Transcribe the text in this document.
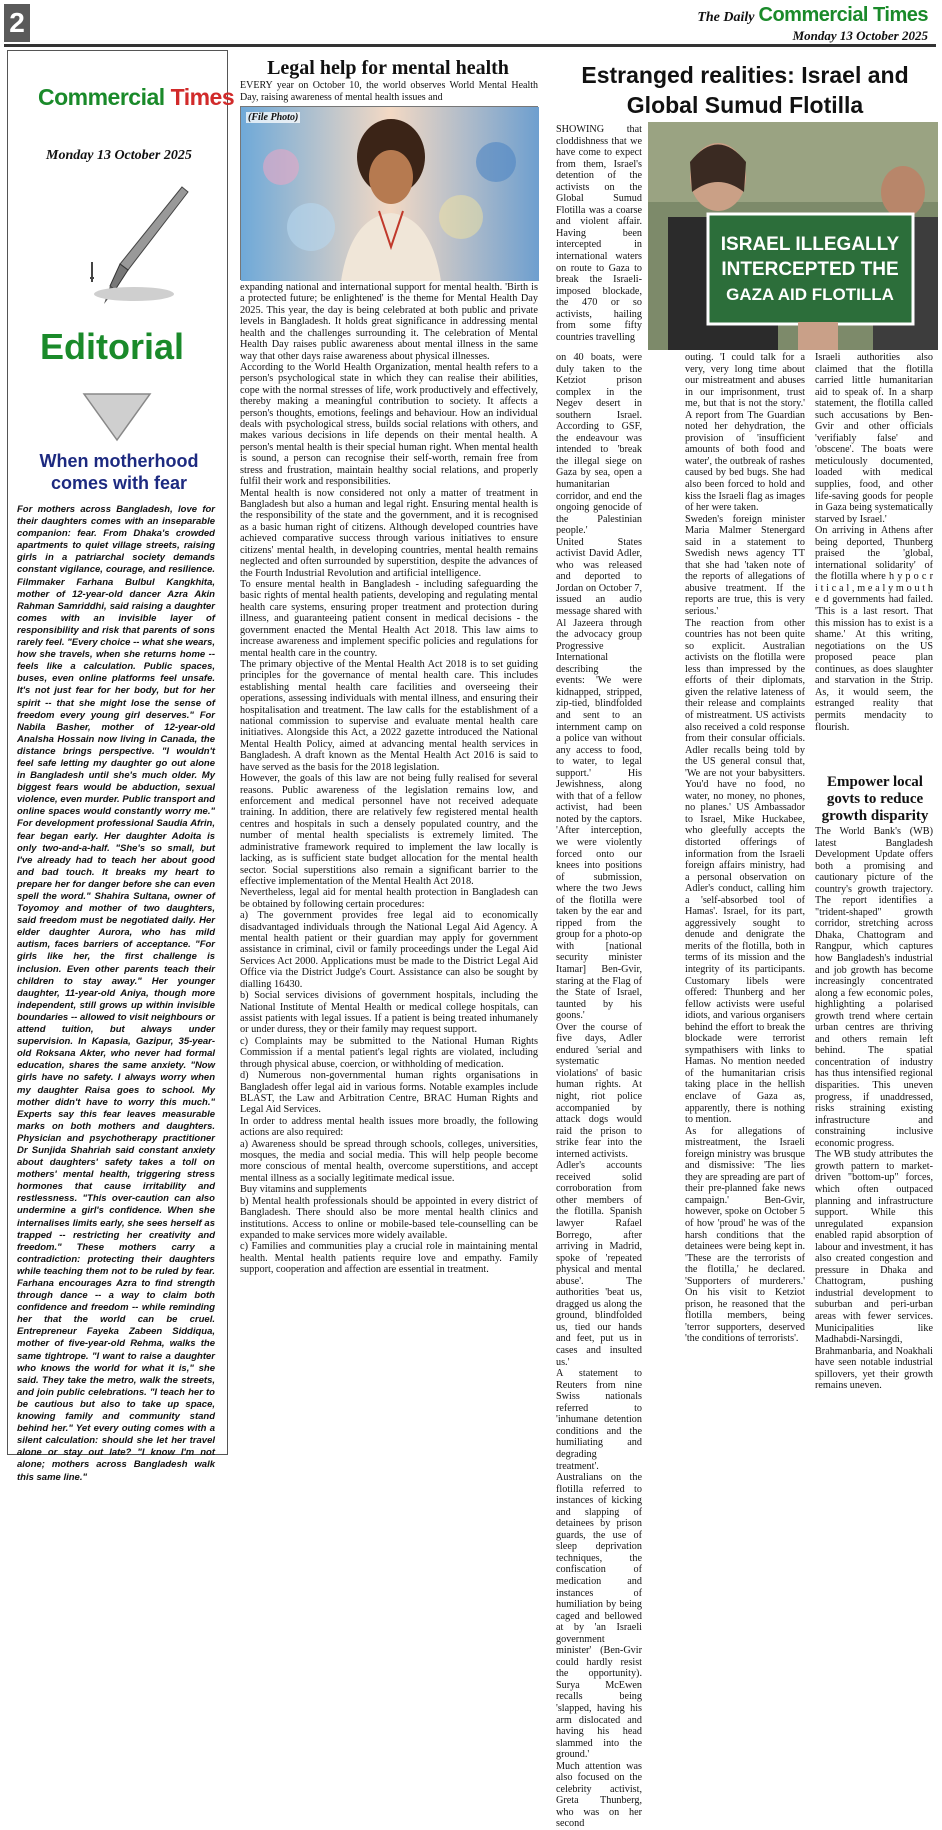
2	The Daily Commercial Times
Monday 13 October 2025
Commercial Times
Monday 13 October 2025
Editorial
When motherhood comes with fear
For mothers across Bangladesh, love for their daughters comes with an inseparable companion: fear. From Dhaka's crowded apartments to quiet village streets, raising girls in a patriarchal society demands constant vigilance, courage, and resilience. Filmmaker Farhana Bulbul Kangkhita, mother of 12-year-old dancer Azra Akin Rahman Samriddhi, said raising a daughter comes with an invisible layer of responsibility and risk that parents of sons rarely feel. "Every choice -- what she wears, how she travels, when she returns home -- feels like a calculation. Public spaces, buses, even online platforms feel unsafe. It's not just fear for her body, but for her spirit -- that she might lose the sense of freedom every young girl deserves." For Nabila Basher, mother of 12-year-old Analsha Hossain now living in Canada, the distance brings perspective. "I wouldn't feel safe letting my daughter go out alone in Bangladesh until she's much older. My biggest fears would be abduction, sexual violence, even murder. Public transport and online spaces would constantly worry me." For development professional Saudia Afrin, fear began early. Her daughter Adoita is only two-and-a-half. "She's so small, but I've already had to teach her about good and bad touch. It breaks my heart to prepare her for danger before she can even spell the word." Shahira Sultana, owner of Toyomoy and mother of two daughters, said freedom must be negotiated daily. Her elder daughter Aurora, who has mild autism, faces barriers of acceptance. "For girls like her, the first challenge is inclusion. Even other parents teach their children to stay away." Her younger daughter, 11-year-old Aniya, though more independent, still grows up within invisible boundaries -- allowed to visit neighbours or attend tuition, but always under supervision. In Kapasia, Gazipur, 35-year-old Roksana Akter, who never had formal education, shares the same anxiety. "Now girls have no safety. I always worry when my daughter Raisa goes to school. My mother didn't have to worry this much." Experts say this fear leaves measurable marks on both mothers and daughters. Physician and psychotherapy practitioner Dr Sunjida Shahriah said constant anxiety about daughters' safety takes a toll on mothers' mental health, triggering stress hormones that cause irritability and restlessness. "This over-caution can also undermine a girl's confidence. When she internalises limits early, she sees herself as trapped -- restricting her creativity and freedom." These mothers carry a contradiction: protecting their daughters while teaching them not to be ruled by fear. Farhana encourages Azra to find strength through dance -- a way to claim both confidence and freedom -- while reminding her that the world can be cruel. Entrepreneur Fayeka Zabeen Siddiqua, mother of five-year-old Rehma, walks the same tightrope. "I want to raise a daughter who knows the world for what it is," she said. They take the metro, walk the streets, and join public celebrations. "I teach her to be cautious but also to take up space, knowing family and community stand behind her." Yet every outing comes with a silent calculation: should she let her travel alone or stay out late? "I know I'm not alone; mothers across Bangladesh walk this same line."
Legal help for mental health
EVERY year on October 10, the world observes World Mental Health Day, raising awareness of mental health issues and
(File Photo)

expanding national and international support for mental health. 'Birth is a protected future; be enlightened' is the theme for Mental Health Day 2025. This year, the day is being celebrated at both public and private levels in Bangladesh. It holds great significance in addressing mental health and the challenges surrounding it. The celebration of Mental Health Day raises public awareness about mental illness in the same way that other days raise awareness about physical illnesses.

According to the World Health Organization, mental health refers to a person's psychological state in which they can realise their abilities, cope with the normal stresses of life, work productively and effectively, thereby making a meaningful contribution to society. It affects a person's thoughts, emotions, feelings and behaviour. How an individual deals with psychological stress, builds social relations with others, and makes various decisions in life depends on their mental health. A person's mental health is their special human right. When mental health is sound, a person can recognise their self-worth, remain free from stress and frustration, maintain healthy social relations, and properly fulfil their work and responsibilities.

Mental health is now considered not only a matter of treatment in Bangladesh but also a human and legal right. Ensuring mental health is the responsibility of the state and the government, and it is recognised as a basic human right of citizens. Although developed countries have achieved comparative success through various initiatives to ensure citizens' mental health, in developing countries, mental health remains neglected and often surrounded by superstition, despite the advances of the Fourth Industrial Revolution and artificial intelligence.

To ensure mental health in Bangladesh - including safeguarding the basic rights of mental health patients, developing and regulating mental health care systems, ensuring proper treatment and protection during illness, and guaranteeing patient consent in medical decisions - the government enacted the Mental Health Act 2018. This law aims to increase awareness and implement specific policies and regulations for mental health care in the country.

The primary objective of the Mental Health Act 2018 is to set guiding principles for the governance of mental health care. This includes establishing mental health care facilities and overseeing their operations, assessing individuals with mental illness, and ensuring their hospitalisation and treatment. The law calls for the establishment of a national commission to supervise and evaluate mental health care initiatives. Alongside this Act, a 2022 gazette introduced the National Mental Health Policy, aimed at advancing mental health services in Bangladesh. A draft known as the Mental Health Act 2016 is said to have served as the basis for the 2018 legislation.

However, the goals of this law are not being fully realised for several reasons. Public awareness of the legislation remains low, and enforcement and medical personnel have not received adequate training. In addition, there are relatively few registered mental health centres and hospitals in such a densely populated country, and the number of mental health specialists is extremely limited. The administrative framework required to implement the law locally is lacking, as is sufficient state budget allocation for the mental health sector. Social superstitions also remain a significant barrier to the effective implementation of the Mental Health Act 2018.

Nevertheless, legal aid for mental health protection in Bangladesh can be obtained by following certain procedures:

a) The government provides free legal aid to economically disadvantaged individuals through the National Legal Aid Agency. A mental health patient or their guardian may apply for government assistance in criminal, civil or family proceedings under the Legal Aid Services Act 2000. Applications must be made to the District Legal Aid Office via the District Judge's Court. Assistance can also be sought by dialling 16430.

b) Social services divisions of government hospitals, including the National Institute of Mental Health or medical college hospitals, can assist patients with legal issues. If a patient is being treated inhumanely or under duress, they or their family may request support.

c) Complaints may be submitted to the National Human Rights Commission if a mental patient's legal rights are violated, including through physical abuse, coercion, or withholding of medication.

d) Numerous non-governmental human rights organisations in Bangladesh offer legal aid in various forms. Notable examples include BLAST, the Law and Arbitration Centre, BRAC Human Rights and Legal Aid Services.

In order to address mental health issues more broadly, the following actions are also required:

a) Awareness should be spread through schools, colleges, universities, mosques, the media and social media. This will help people become more conscious of mental health, overcome superstitions, and accept mental illness as a socially legitimate medical issue.

Buy vitamins and supplements

b) Mental health professionals should be appointed in every district of Bangladesh. There should also be more mental health clinics and institutions. Access to online or mobile-based tele-counselling can be expanded to make services more widely available.

c) Families and communities play a crucial role in maintaining mental health. Mental health patients require love and empathy. Family support, cooperation and affection are essential in treatment.

Estranged realities: Israel and Global Sumud Flotilla
ISRAEL ILLEGALLY
INTERCEPTED THE
GAZA AID FLOTILLA

SHOWING that cloddishness that we have come to expect from them, Israel's detention of the activists on the Global Sumud Flotilla was a coarse and violent affair. Having been intercepted in international waters on route to Gaza to break the Israeli-imposed blockade, the 470 or so activists, hailing from some fifty countries travelling

on 40 boats, were duly taken to the Ketziot prison complex in the Negev desert in southern Israel. According to GSF, the endeavour was intended to 'break the illegal siege on Gaza by sea, open a humanitarian corridor, and end the ongoing genocide of the Palestinian people.'

United States activist David Adler, who was released and deported to Jordan on October 7, issued an audio message shared with Al Jazeera through the advocacy group Progressive International describing the events: 'We were kidnapped, stripped, zip-tied, blindfolded and sent to an internment camp on a police van without any access to food, to water, to legal support.' His Jewishness, along with that of a fellow activist, had been noted by the captors. 'After interception, we were violently forced onto our knees into positions of submission, where the two Jews of the flotilla were taken by the ear and ripped from the group for a photo-op with [national security minister Itamar] Ben-Gvir, staring at the Flag of the State of Israel, taunted by his goons.'

Over the course of five days, Adler endured 'serial and systematic violations' of basic human rights. At night, riot police accompanied by attack dogs would raid the prison to strike fear into the interned activists.

Adler's accounts received solid corroboration from other members of the flotilla. Spanish lawyer Rafael Borrego, after arriving in Madrid, spoke of 'repeated physical and mental abuse'. The authorities 'beat us, dragged us along the ground, blindfolded us, tied our hands and feet, put us in cases and insulted us.'

A statement to Reuters from nine Swiss nationals referred to 'inhumane detention conditions and the humiliating and degrading treatment'. Australians on the flotilla referred to instances of kicking and slapping of detainees by prison guards, the use of sleep deprivation techniques, the confiscation of medication and instances of humiliation by being caged and bellowed at by 'an Israeli government minister' (Ben-Gvir could hardly resist the opportunity). Surya McEwen recalls being 'slapped, having his arm dislocated and having his head slammed into the ground.'

Much attention was also focused on the celebrity activist, Greta Thunberg, who was on her second

outing. 'I could talk for a very, very long time about our mistreatment and abuses in our imprisonment, trust me, but that is not the story.' A report from The Guardian noted her dehydration, the provision of 'insufficient amounts of both food and water', the outbreak of rashes caused by bed bugs. She had also been forced to hold and kiss the Israeli flag as images of her were taken.

Sweden's foreign minister Maria Malmer Stenergard said in a statement to Swedish news agency TT that she had 'taken note of the reports of allegations of abusive treatment. If the reports are true, this is very serious.'

The reaction from other countries has not been quite so explicit. Australian activists on the flotilla were less than impressed by the efforts of their diplomats, given the relative lateness of their release and complaints of mistreatment. US activists also received a cold response from their consular officials. Adler recalls being told by the US general consul that, 'We are not your babysitters. You'd have no food, no water, no money, no phones, no planes.' US Ambassador to Israel, Mike Huckabee, who gleefully accepts the distorted offerings of information from the Israeli foreign affairs ministry, had a personal observation on Adler's conduct, calling him a 'self-absorbed tool of Hamas'. Israel, for its part, aggressively sought to denude and denigrate the merits of the flotilla, both in terms of its mission and the integrity of its participants. Customary libels were offered: Thunberg and her fellow activists were useful idiots, and various organisers behind the effort to break the blockade were terrorist sympathisers with links to Hamas. No mention needed of the humanitarian crisis taking place in the hellish enclave of Gaza as, apparently, there is nothing to mention.

As for allegations of mistreatment, the Israeli foreign ministry was brusque and dismissive: 'The lies they are spreading are part of their pre-planned fake news campaign.' Ben-Gvir, however, spoke on October 5 of how 'proud' he was of the harsh conditions that the detainees were being kept in. 'These are the terrorists of the flotilla,' he declared. 'Supporters of murderers.' On his visit to Ketziot prison, he reasoned that the flotilla members, being 'terror supporters, deserved 'the conditions of terrorists'.

Israeli authorities also claimed that the flotilla carried little humanitarian aid to speak of. In a sharp statement, the flotilla called such accusations by Ben-Gvir and other officials 'verifiably false' and 'obscene'. The boats were meticulously documented, loaded with medical supplies, food, and other life-saving goods for people in Gaza being systematically starved by Israel.'

On arriving in Athens after being deported, Thunberg praised the 'global, international solidarity' of the flotilla where h y p o c r i t i c a l , m e a l y m o u t h e d governments had failed. 'This is a last resort. That this mission has to exist is a shame.' At this writing, negotiations on the US proposed peace plan continues, as does slaughter and starvation in the Strip. As, it would seem, the estranged reality that permits mendacity to flourish.

Empower local govts to reduce growth disparity

The World Bank's (WB) latest Bangladesh Development Update offers both a promising and cautionary picture of the country's growth trajectory. The report identifies a "trident-shaped" growth corridor, stretching across Dhaka, Chattogram and Rangpur, which captures how Bangladesh's industrial and job growth has become increasingly concentrated along a few economic poles, highlighting a polarised growth trend where certain urban centres are thriving and others remain left behind. The spatial concentration of industry has thus intensified regional disparities. This uneven progress, if unaddressed, risks straining existing infrastructure and constraining inclusive economic progress.

The WB study attributes the growth pattern to market-driven "bottom-up" forces, which often outpaced planning and infrastructure support. While this unregulated expansion enabled rapid absorption of labour and investment, it has also created congestion and pressure in Dhaka and Chattogram, pushing industrial development to suburban and peri-urban areas with fewer services. Municipalities like Madhabdi-Narsingdi, Brahmanbaria, and Noakhali have seen notable industrial spillovers, yet their growth remains uneven.
